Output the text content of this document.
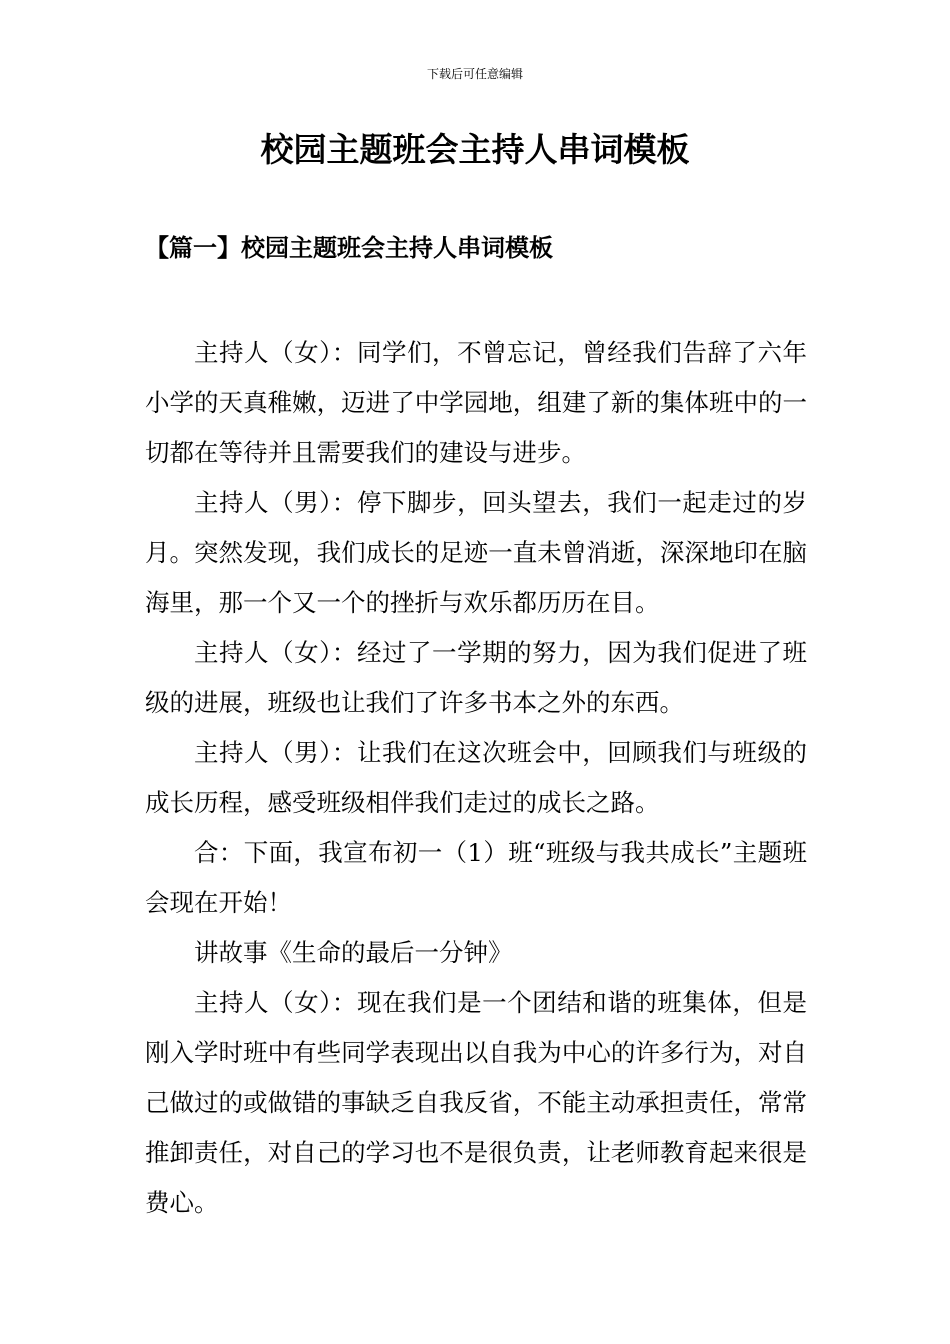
下载后可任意编辑
校园主题班会主持人串词模板
【篇一】校园主题班会主持人串词模板

主持人（女）：同学们，不曾忘记，曾经我们告辞了六年小学的天真稚嫩，迈进了中学园地，组建了新的集体班中的一切都在等待并且需要我们的建设与进步。

主持人（男）：停下脚步，回头望去，我们一起走过的岁月。突然发现，我们成长的足迹一直未曾消逝，深深地印在脑海里，那一个又一个的挫折与欢乐都历历在目。

主持人（女）：经过了一学期的努力，因为我们促进了班级的进展，班级也让我们了许多书本之外的东西。

主持人（男）：让我们在这次班会中，回顾我们与班级的成长历程，感受班级相伴我们走过的成长之路。

合：下面，我宣布初一（1）班“班级与我共成长”主题班会现在开始！

讲故事《生命的最后一分钟》

主持人（女）：现在我们是一个团结和谐的班集体，但是刚入学时班中有些同学表现出以自我为中心的许多行为，对自己做过的或做错的事缺乏自我反省，不能主动承担责任，常常推卸责任，对自己的学习也不是很负责，让老师教育起来很是费心。
